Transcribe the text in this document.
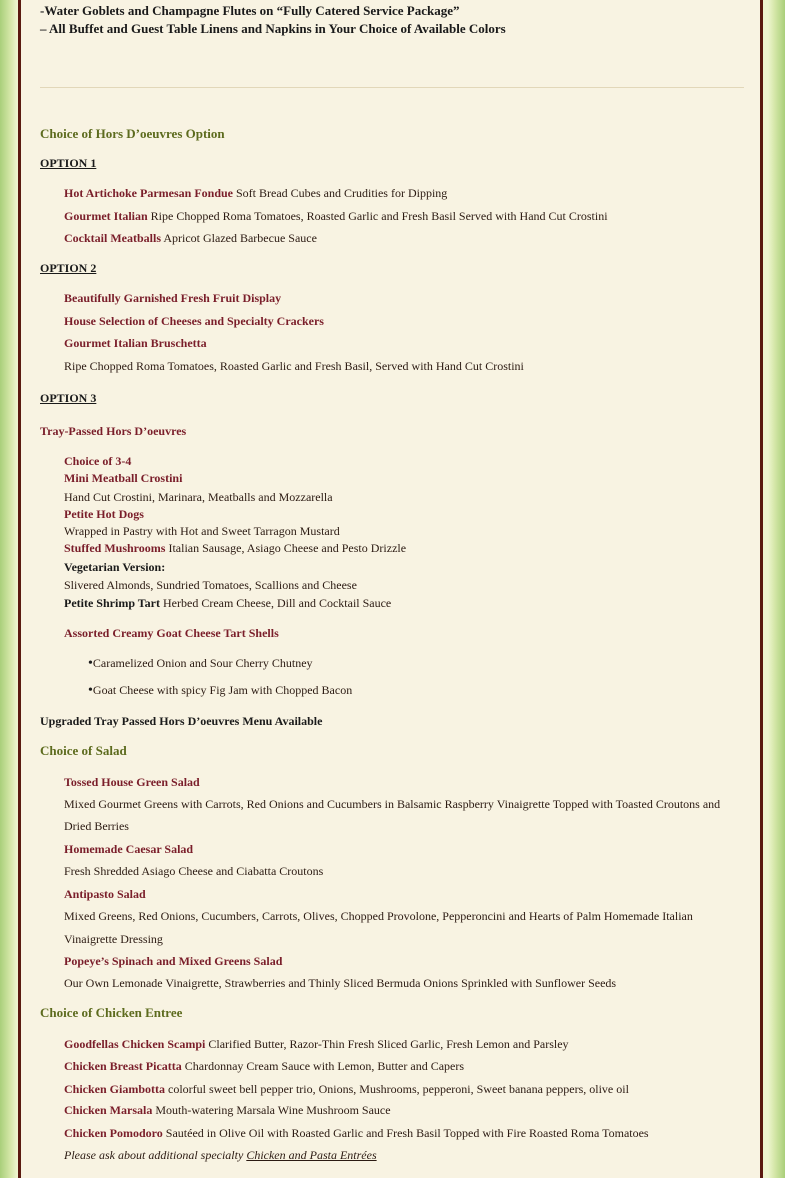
-Water Goblets and Champagne Flutes on “Fully Catered Service Package”
– All Buffet and Guest Table Linens and Napkins in Your Choice of Available Colors
Choice of Hors D’oeuvres Option
OPTION 1
Hot Artichoke Parmesan Fondue Soft Bread Cubes and Crudities for Dipping
Gourmet Italian Ripe Chopped Roma Tomatoes, Roasted Garlic and Fresh Basil Served with Hand Cut Crostini
Cocktail Meatballs Apricot Glazed Barbecue Sauce
OPTION 2
Beautifully Garnished Fresh Fruit Display
House Selection of Cheeses and Specialty Crackers
Gourmet Italian Bruschetta
Ripe Chopped Roma Tomatoes, Roasted Garlic and Fresh Basil, Served with Hand Cut Crostini
OPTION 3
Tray-Passed Hors D’oeuvres
Choice of 3-4
Mini Meatball Crostini
Hand Cut Crostini, Marinara, Meatballs and Mozzarella
Petite Hot Dogs
Wrapped in Pastry with Hot and Sweet Tarragon Mustard
Stuffed Mushrooms Italian Sausage, Asiago Cheese and Pesto Drizzle
Vegetarian Version:
Slivered Almonds, Sundried Tomatoes, Scallions and Cheese
Petite Shrimp Tart Herbed Cream Cheese, Dill and Cocktail Sauce
Assorted Creamy Goat Cheese Tart Shells
•Caramelized Onion and Sour Cherry Chutney
•Goat Cheese with spicy Fig Jam with Chopped Bacon
Upgraded Tray Passed Hors D’oeuvres Menu Available
Choice of Salad
Tossed House Green Salad
Mixed Gourmet Greens with Carrots, Red Onions and Cucumbers in Balsamic Raspberry Vinaigrette Topped with Toasted Croutons and
Dried Berries
Homemade Caesar Salad
Fresh Shredded Asiago Cheese and Ciabatta Croutons
Antipasto Salad
Mixed Greens, Red Onions, Cucumbers, Carrots, Olives, Chopped Provolone, Pepperoncini and Hearts of Palm Homemade Italian
Vinaigrette Dressing
Popeye’s Spinach and Mixed Greens Salad
Our Own Lemonade Vinaigrette, Strawberries and Thinly Sliced Bermuda Onions Sprinkled with Sunflower Seeds
Choice of Chicken Entree
Goodfellas Chicken Scampi Clarified Butter, Razor-Thin Fresh Sliced Garlic, Fresh Lemon and Parsley
Chicken Breast Picatta Chardonnay Cream Sauce with Lemon, Butter and Capers
Chicken Giambotta colorful sweet bell pepper trio, Onions, Mushrooms, pepperoni, Sweet banana peppers, olive oil
Chicken Marsala Mouth-watering Marsala Wine Mushroom Sauce
Chicken Pomodoro Sautéed in Olive Oil with Roasted Garlic and Fresh Basil Topped with Fire Roasted Roma Tomatoes
Please ask about additional specialty Chicken and Pasta Entrées
